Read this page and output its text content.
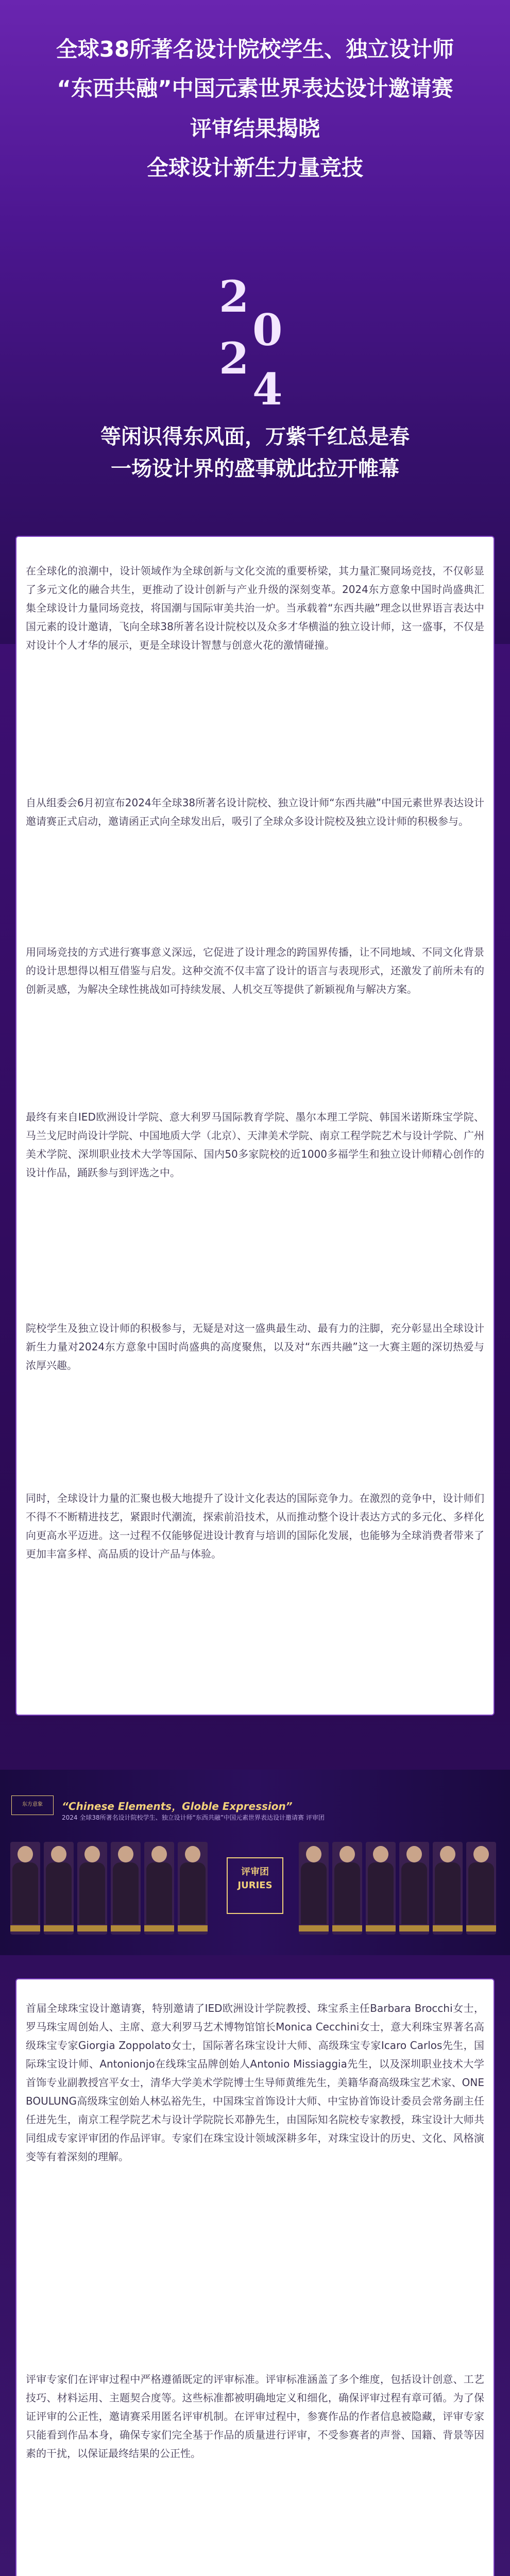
全球38所著名设计院校学生、独立设计师
“东西共融”中国元素世界表达设计邀请赛
评审结果揭晓
全球设计新生力量竞技
2
0
2
4
等闲识得东风面，万紫千红总是春
一场设计界的盛事就此拉开帷幕
在全球化的浪潮中，设计领域作为全球创新与文化交流的重要桥梁，其力量汇聚同场竞技，不仅彰显了多元文化的融合共生，更推动了设计创新与产业升级的深刻变革。2024东方意象中国时尚盛典汇集全球设计力量同场竞技，将国潮与国际审美共治一炉。当承载着“东西共融”理念以世界语言表达中国元素的设计邀请，飞向全球38所著名设计院校以及众多才华横溢的独立设计师，这一盛事，不仅是对设计个人才华的展示，更是全球设计智慧与创意火花的激情碰撞。
自从组委会6月初宣布2024年全球38所著名设计院校、独立设计师“东西共融”中国元素世界表达设计邀请赛正式启动，邀请函正式向全球发出后，吸引了全球众多设计院校及独立设计师的积极参与。
用同场竞技的方式进行赛事意义深远，它促进了设计理念的跨国界传播，让不同地域、不同文化背景的设计思想得以相互借鉴与启发。这种交流不仅丰富了设计的语言与表现形式，还激发了前所未有的创新灵感，为解决全球性挑战如可持续发展、人机交互等提供了新颖视角与解决方案。
最终有来自IED欧洲设计学院、意大利罗马国际教育学院、墨尔本理工学院、韩国米诺斯珠宝学院、马兰戈尼时尚设计学院、中国地质大学（北京）、天津美术学院、南京工程学院艺术与设计学院、广州美术学院、深圳职业技术大学等国际、国内50多家院校的近1000多福学生和独立设计师精心创作的设计作品，踊跃参与到评选之中。
院校学生及独立设计师的积极参与，无疑是对这一盛典最生动、最有力的注脚，充分彰显出全球设计新生力量对2024东方意象中国时尚盛典的高度聚焦，以及对“东西共融”这一大赛主题的深切热爱与浓厚兴趣。
同时，全球设计力量的汇聚也极大地提升了设计文化表达的国际竞争力。在激烈的竞争中，设计师们不得不不断精进技艺，紧跟时代潮流，探索前沿技术，从而推动整个设计表达方式的多元化、多样化向更高水平迈进。这一过程不仅能够促进设计教育与培训的国际化发展，也能够为全球消费者带来了更加丰富多样、高品质的设计产品与体验。
东方意象	“Chinese Elements，Globle Expression”
2024 全球38所著名设计院校学生、独立设计师“东西共融”中国元素世界表达设计邀请赛 评审团
评审团 JURIES
首届全球珠宝设计邀请赛，特别邀请了IED欧洲设计学院教授、珠宝系主任Barbara Brocchi女士，罗马珠宝周创始人、主席、意大利罗马艺术博物馆馆长Monica Cecchini女士，意大利珠宝界著名高级珠宝专家Giorgia Zoppolato女士，国际著名珠宝设计大师、高级珠宝专家Icaro Carlos先生，国际珠宝设计师、Antonionjo在线珠宝品牌创始人Antonio Missiaggia先生，以及深圳职业技术大学首饰专业副教授宫平女士，清华大学美术学院博士生导师黄维先生，美籍华裔高级珠宝艺术家、ONE BOULUNG高级珠宝创始人林弘裕先生，中国珠宝首饰设计大师、中宝协首饰设计委员会常务副主任任进先生，南京工程学院艺术与设计学院院长邓静先生，由国际知名院校专家教授，珠宝设计大师共同组成专家评审团的作品评审。专家们在珠宝设计领域深耕多年，对珠宝设计的历史、文化、风格演变等有着深刻的理解。
评审专家们在评审过程中严格遵循既定的评审标准。评审标准涵盖了多个维度，包括设计创意、工艺技巧、材料运用、主题契合度等。这些标准都被明确地定义和细化，确保评审过程有章可循。为了保证评审的公正性，邀请赛采用匿名评审机制。在评审过程中，参赛作品的作者信息被隐藏，评审专家只能看到作品本身，确保专家们完全基于作品的质量进行评审，不受参赛者的声誉、国籍、背景等因素的干扰，以保证最终结果的公正性。
